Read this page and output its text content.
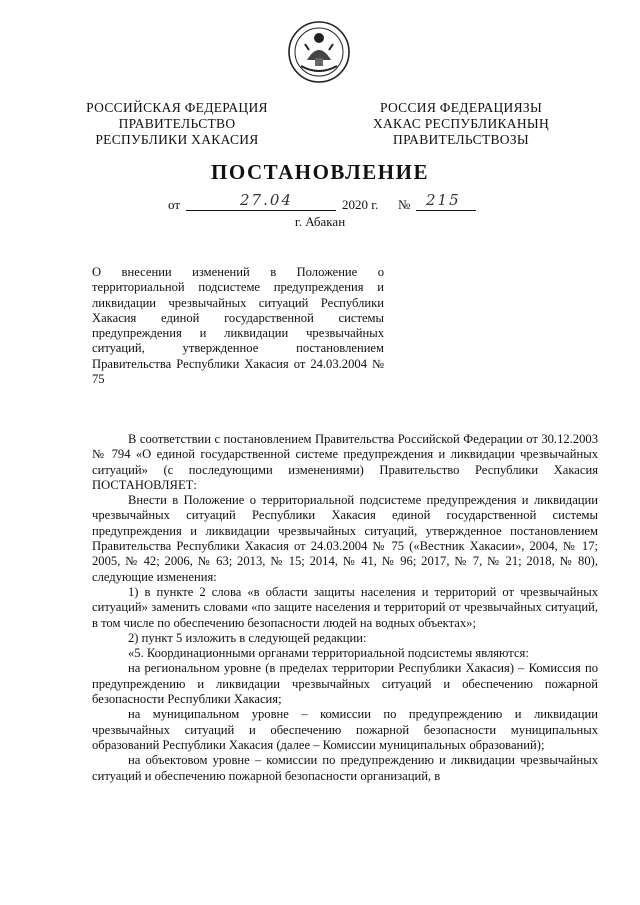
РОССИЙСКАЯ ФЕДЕРАЦИЯ
ПРАВИТЕЛЬСТВО
РЕСПУБЛИКИ ХАКАСИЯ
РОССИЯ ФЕДЕРАЦИЯЗЫ
ХАКАС РЕСПУБЛИКАНЫҢ
ПРАВИТЕЛЬСТВОЗЫ
ПОСТАНОВЛЕНИЕ
от	27.04	2020 г. № 215
г. Абакан
О внесении изменений в Положение о территориальной подсистеме предупреждения и ликвидации чрезвычайных ситуаций Республики Хакасия единой государственной системы предупреждения и ликвидации чрезвычайных ситуаций, утвержденное постановлением Правительства Республики Хакасия от 24.03.2004 № 75

В соответствии с постановлением Правительства Российской Федерации от 30.12.2003 № 794 «О единой государственной системе предупреждения и ликвидации чрезвычайных ситуаций» (с последующими изменениями) Правительство Республики Хакасия ПОСТАНОВЛЯЕТ:

Внести в Положение о территориальной подсистеме предупреждения и ликвидации чрезвычайных ситуаций Республики Хакасия единой государственной системы предупреждения и ликвидации чрезвычайных ситуаций, утвержденное постановлением Правительства Республики Хакасия от 24.03.2004 № 75 («Вестник Хакасии», 2004, № 17; 2005, № 42; 2006, № 63; 2013, № 15; 2014, № 41, № 96; 2017, № 7, № 21; 2018, № 80), следующие изменения:

1) в пункте 2 слова «в области защиты населения и территорий от чрезвычайных ситуаций» заменить словами «по защите населения и территорий от чрезвычайных ситуаций, в том числе по обеспечению безопасности людей на водных объектах»;

2) пункт 5 изложить в следующей редакции:

«5. Координационными органами территориальной подсистемы являются:

на региональном уровне (в пределах территории Республики Хакасия) – Комиссия по предупреждению и ликвидации чрезвычайных ситуаций и обеспечению пожарной безопасности Республики Хакасия;

на муниципальном уровне – комиссии по предупреждению и ликвидации чрезвычайных ситуаций и обеспечению пожарной безопасности муниципальных образований Республики Хакасия (далее – Комиссии муниципальных образований);

на объектовом уровне – комиссии по предупреждению и ликвидации чрезвычайных ситуаций и обеспечению пожарной безопасности организаций, в
